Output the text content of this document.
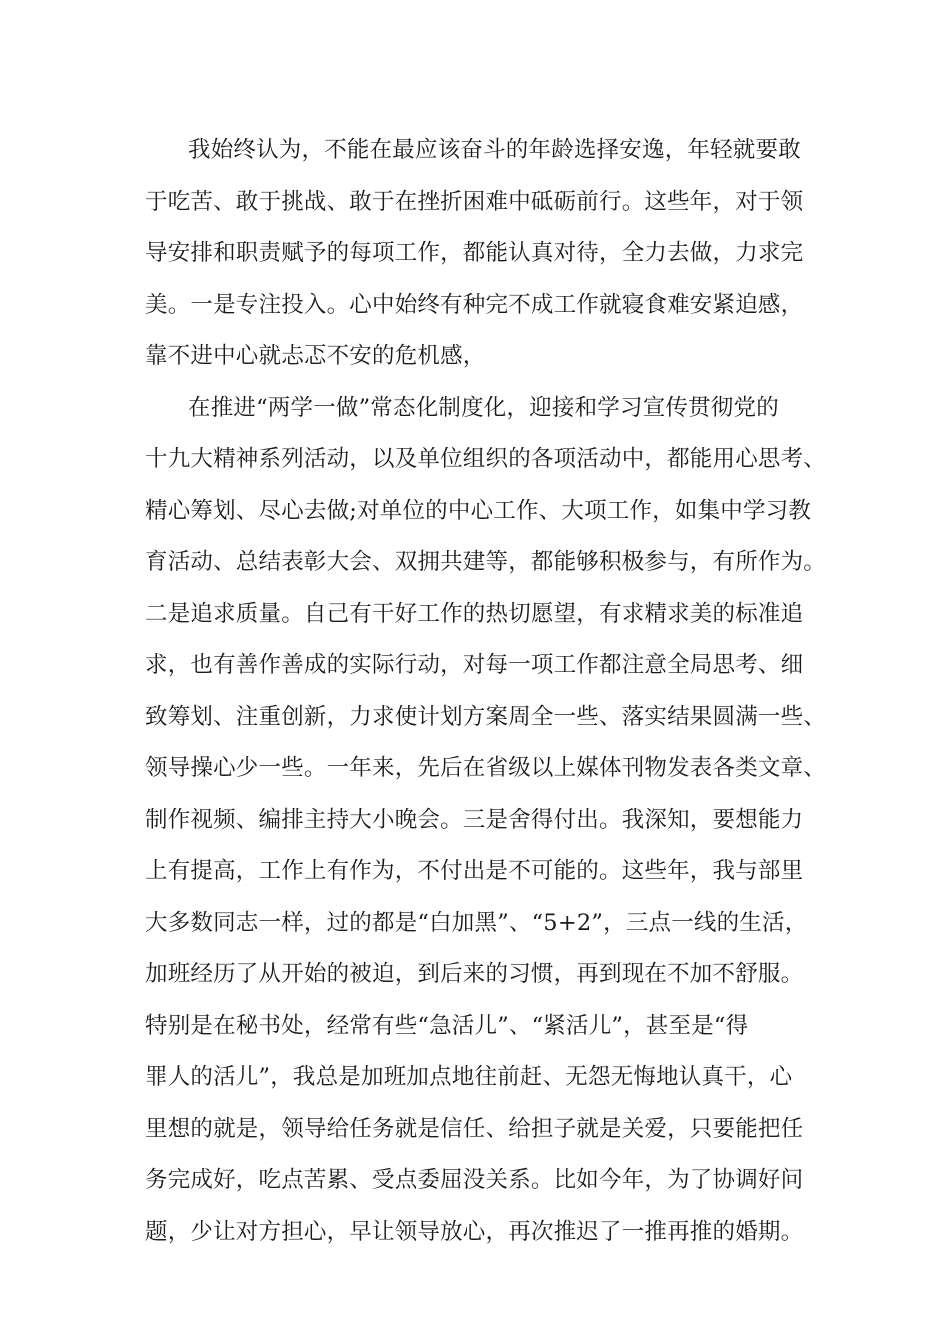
我始终认为，不能在最应该奋斗的年龄选择安逸，年轻就要敢
于吃苦、敢于挑战、敢于在挫折困难中砥砺前行。这些年，对于领
导安排和职责赋予的每项工作，都能认真对待，全力去做，力求完
美。一是专注投入。心中始终有种完不成工作就寝食难安紧迫感，
靠不进中心就忐忑不安的危机感，
在推进“两学一做”常态化制度化，迎接和学习宣传贯彻党的
十九大精神系列活动，以及单位组织的各项活动中，都能用心思考、
精心筹划、尽心去做;对单位的中心工作、大项工作，如集中学习教
育活动、总结表彰大会、双拥共建等，都能够积极参与，有所作为。
二是追求质量。自己有干好工作的热切愿望，有求精求美的标准追
求，也有善作善成的实际行动，对每一项工作都注意全局思考、细
致筹划、注重创新，力求使计划方案周全一些、落实结果圆满一些、
领导操心少一些。一年来，先后在省级以上媒体刊物发表各类文章、
制作视频、编排主持大小晚会。三是舍得付出。我深知，要想能力
上有提高，工作上有作为，不付出是不可能的。这些年，我与部里
大多数同志一样，过的都是“白加黑”、“5+2”，三点一线的生活，
加班经历了从开始的被迫，到后来的习惯，再到现在不加不舒服。
特别是在秘书处，经常有些“急活儿”、“紧活儿”，甚至是“得
罪人的活儿”，我总是加班加点地往前赶、无怨无悔地认真干，心
里想的就是，领导给任务就是信任、给担子就是关爱，只要能把任
务完成好，吃点苦累、受点委屈没关系。比如今年，为了协调好问
题，少让对方担心，早让领导放心，再次推迟了一推再推的婚期。
